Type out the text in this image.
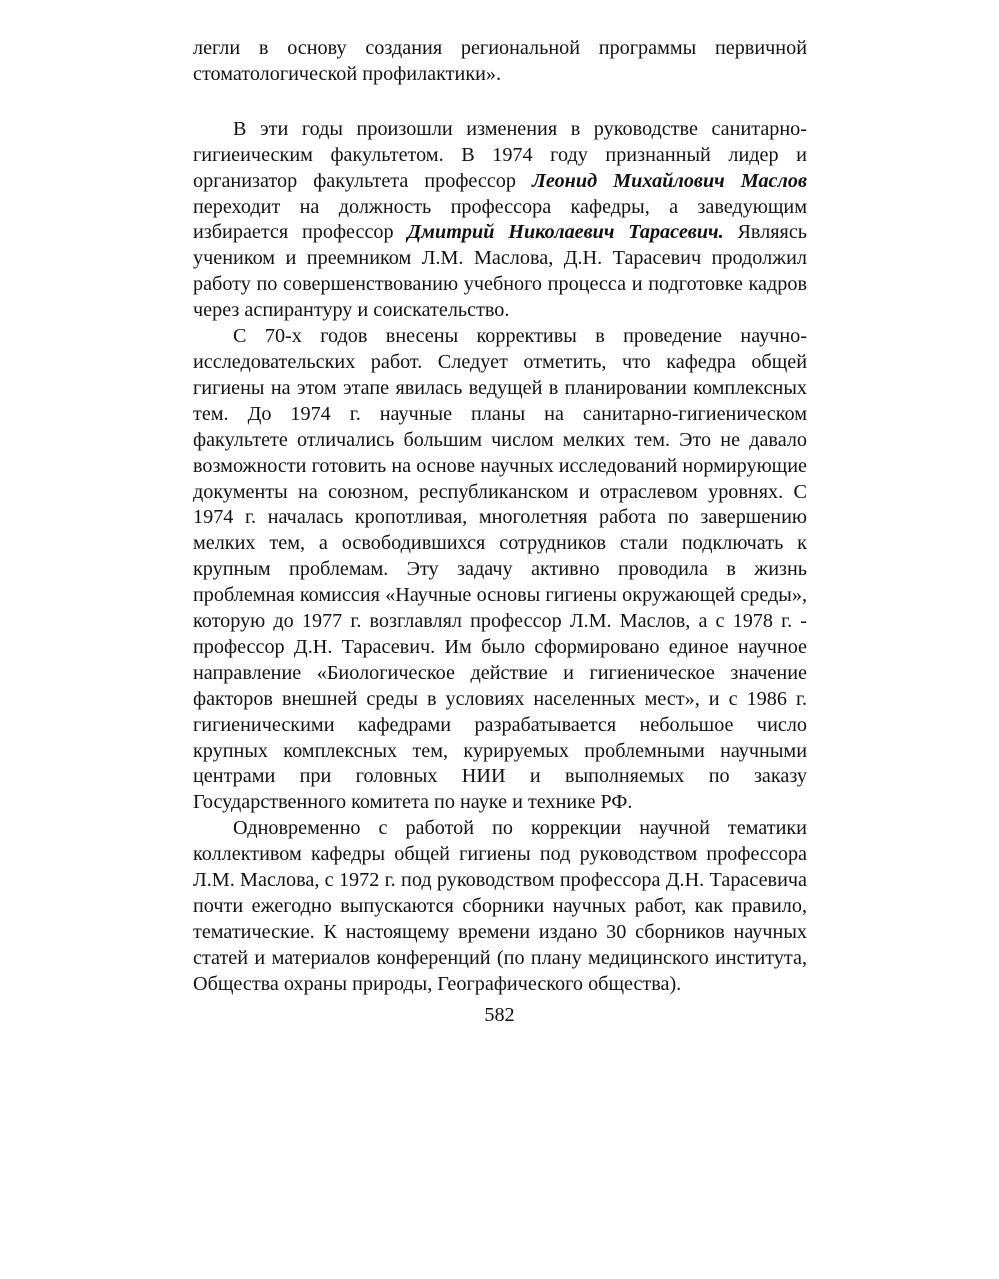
легли в основу создания региональной программы первичной стоматологической профилактики».

В эти годы произошли изменения в руководстве санитарно-гигиеическим факультетом. В 1974 году признанный лидер и организатор факультета профессор Леонид Михайлович Маслов переходит на должность профессора кафедры, а заведующим избирается профессор Дмитрий Николаевич Тарасевич. Являясь учеником и преемником Л.М. Маслова, Д.Н. Тарасевич продолжил работу по совершенствованию учебного процесса и подготовке кадров через аспирантуру и соискательство.

С 70-х годов внесены коррективы в проведение научно-исследовательских работ. Следует отметить, что кафедра общей гигиены на этом этапе явилась ведущей в планировании комплексных тем. До 1974 г. научные планы на санитарно-гигиеническом факультете отличались большим числом мелких тем. Это не давало возможности готовить на основе научных исследований нормирующие документы на союзном, республиканском и отраслевом уровнях. С 1974 г. началась кропотливая, многолетняя работа по завершению мелких тем, а освободившихся сотрудников стали подключать к крупным проблемам. Эту задачу активно проводила в жизнь проблемная комиссия «Научные основы гигиены окружающей среды», которую до 1977 г. возглавлял профессор Л.М. Маслов, а с 1978 г. - профессор Д.Н. Тарасевич. Им было сформировано единое научное направление «Биологическое действие и гигиеническое значение факторов внешней среды в условиях населенных мест», и с 1986 г. гигиеническими кафедрами разрабатывается небольшое число крупных комплексных тем, курируемых проблемными научными центрами при головных НИИ и выполняемых по заказу Государственного комитета по науке и технике РФ.

Одновременно с работой по коррекции научной тематики коллективом кафедры общей гигиены под руководством профессора Л.М. Маслова, с 1972 г. под руководством профессора Д.Н. Тарасевича почти ежегодно выпускаются сборники научных работ, как правило, тематические. К настоящему времени издано 30 сборников научных статей и материалов конференций (по плану медицинского института, Общества охраны природы, Географического общества).

582
